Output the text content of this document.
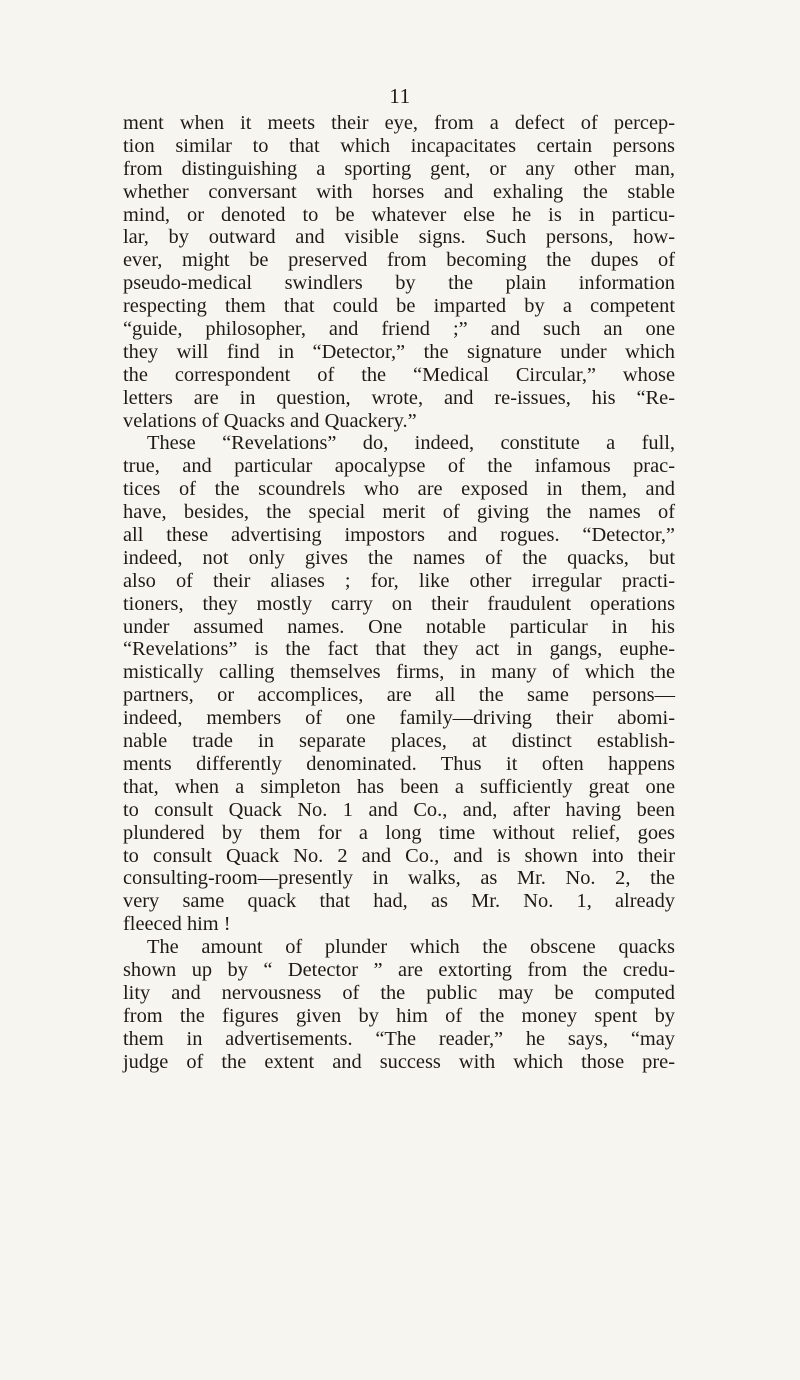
11
ment when it meets their eye, from a defect of percep-
tion similar to that which incapacitates certain persons
from distinguishing a sporting gent, or any other man,
whether conversant with horses and exhaling the stable
mind, or denoted to be whatever else he is in particu-
lar, by outward and visible signs. Such persons, how-
ever, might be preserved from becoming the dupes of
pseudo-medical swindlers by the plain information
respecting them that could be imparted by a competent
“guide, philosopher, and friend ;” and such an one
they will find in “Detector,” the signature under which
the correspondent of the “Medical Circular,” whose
letters are in question, wrote, and re-issues, his “Re-
velations of Quacks and Quackery.”
These “Revelations” do, indeed, constitute a full,
true, and particular apocalypse of the infamous prac-
tices of the scoundrels who are exposed in them, and
have, besides, the special merit of giving the names of
all these advertising impostors and rogues. “Detector,”
indeed, not only gives the names of the quacks, but
also of their aliases ; for, like other irregular practi-
tioners, they mostly carry on their fraudulent operations
under assumed names. One notable particular in his
“Revelations” is the fact that they act in gangs, euphe-
mistically calling themselves firms, in many of which the
partners, or accomplices, are all the same persons—
indeed, members of one family—driving their abomi-
nable trade in separate places, at distinct establish-
ments differently denominated. Thus it often happens
that, when a simpleton has been a sufficiently great one
to consult Quack No. 1 and Co., and, after having been
plundered by them for a long time without relief, goes
to consult Quack No. 2 and Co., and is shown into their
consulting-room—presently in walks, as Mr. No. 2, the
very same quack that had, as Mr. No. 1, already
fleeced him !
The amount of plunder which the obscene quacks
shown up by “ Detector ” are extorting from the credu-
lity and nervousness of the public may be computed
from the figures given by him of the money spent by
them in advertisements. “The reader,” he says, “may
judge of the extent and success with which those pre-
